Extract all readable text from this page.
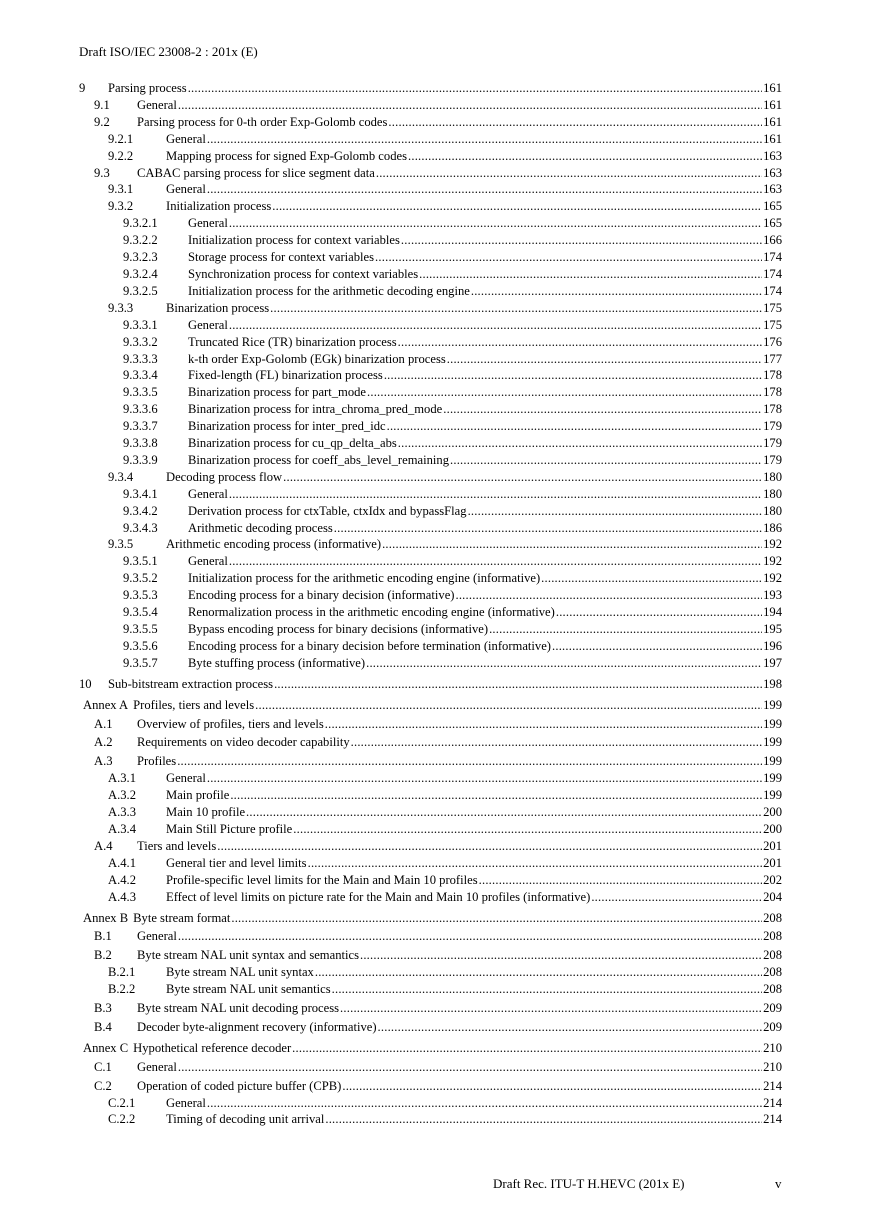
Draft ISO/IEC 23008-2 : 201x (E)
9	Parsing process .....	161
9.1	General .....	161
9.2	Parsing process for 0-th order Exp-Golomb codes .....	161
9.2.1	General .....	161
9.2.2	Mapping process for signed Exp-Golomb codes .....	163
9.3	CABAC parsing process for slice segment data .....	163
9.3.1	General .....	163
9.3.2	Initialization process .....	165
9.3.2.1	General .....	165
9.3.2.2	Initialization process for context variables .....	166
9.3.2.3	Storage process for context variables .....	174
9.3.2.4	Synchronization process for context variables .....	174
9.3.2.5	Initialization process for the arithmetic decoding engine .....	174
9.3.3	Binarization process .....	175
9.3.3.1	General .....	175
9.3.3.2	Truncated Rice (TR) binarization process .....	176
9.3.3.3	k-th order Exp-Golomb (EGk) binarization process .....	177
9.3.3.4	Fixed-length (FL) binarization process .....	178
9.3.3.5	Binarization process for part_mode .....	178
9.3.3.6	Binarization process for intra_chroma_pred_mode .....	178
9.3.3.7	Binarization process for inter_pred_idc .....	179
9.3.3.8	Binarization process for cu_qp_delta_abs .....	179
9.3.3.9	Binarization process for coeff_abs_level_remaining .....	179
9.3.4	Decoding process flow .....	180
9.3.4.1	General .....	180
9.3.4.2	Derivation process for ctxTable, ctxIdx and bypassFlag .....	180
9.3.4.3	Arithmetic decoding process .....	186
9.3.5	Arithmetic encoding process (informative) .....	192
9.3.5.1	General .....	192
9.3.5.2	Initialization process for the arithmetic encoding engine (informative) .....	192
9.3.5.3	Encoding process for a binary decision (informative) .....	193
9.3.5.4	Renormalization process in the arithmetic encoding engine (informative) .....	194
9.3.5.5	Bypass encoding process for binary decisions (informative) .....	195
9.3.5.6	Encoding process for a binary decision before termination (informative) .....	196
9.3.5.7	Byte stuffing process (informative) .....	197
10	Sub-bitstream extraction process .....	198
Annex A Profiles, tiers and levels .....	199
A.1	Overview of profiles, tiers and levels .....	199
A.2	Requirements on video decoder capability .....	199
A.3	Profiles .....	199
A.3.1	General .....	199
A.3.2	Main profile .....	199
A.3.3	Main 10 profile .....	200
A.3.4	Main Still Picture profile .....	200
A.4	Tiers and levels .....	201
A.4.1	General tier and level limits .....	201
A.4.2	Profile-specific level limits for the Main and Main 10 profiles .....	202
A.4.3	Effect of level limits on picture rate for the Main and Main 10 profiles (informative) .....	204
Annex B Byte stream format .....	208
B.1	General .....	208
B.2	Byte stream NAL unit syntax and semantics .....	208
B.2.1	Byte stream NAL unit syntax .....	208
B.2.2	Byte stream NAL unit semantics .....	208
B.3	Byte stream NAL unit decoding process .....	209
B.4	Decoder byte-alignment recovery (informative) .....	209
Annex C Hypothetical reference decoder .....	210
C.1	General .....	210
C.2	Operation of coded picture buffer (CPB) .....	214
C.2.1	General .....	214
C.2.2	Timing of decoding unit arrival .....	214
Draft Rec. ITU-T H.HEVC (201x E)	v
